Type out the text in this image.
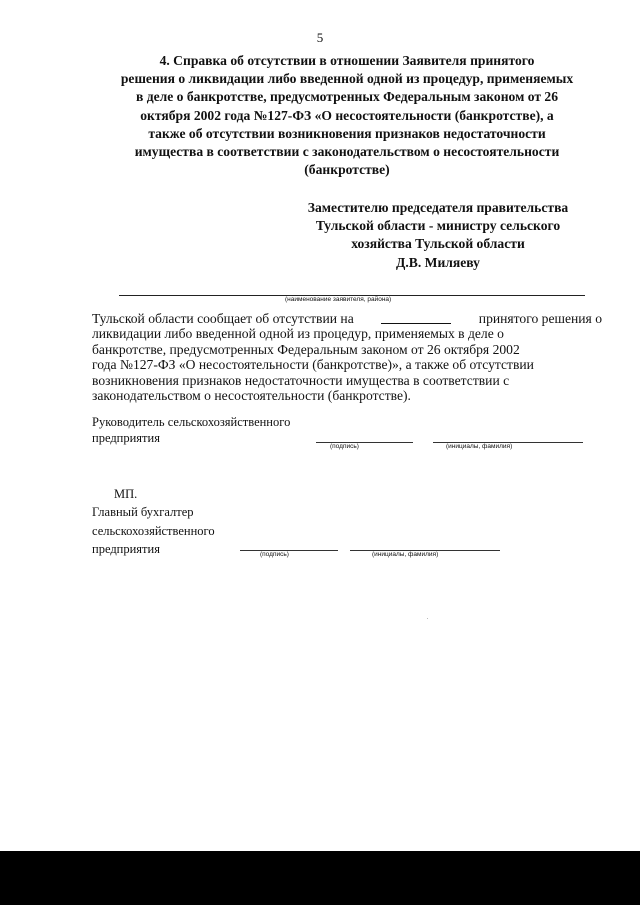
5
4. Справка об отсутствии в отношении Заявителя принятого
решения о ликвидации либо введенной одной из процедур, применяемых
в деле о банкротстве, предусмотренных Федеральным законом от 26
октября 2002 года №127-ФЗ «О несостоятельности (банкротстве), а
также об отсутствии возникновения признаков недостаточности
имущества в соответствии с законодательством о несостоятельности
(банкротстве)
Заместителю председателя правительства
Тульской области - министру сельского
хозяйства Тульской области
Д.В. Миляеву
(наименование заявителя, района)
Тульской области сообщает об отсутствии на	принятого решения о
ликвидации либо введенной одной из процедур, применяемых в деле о
банкротстве, предусмотренных Федеральным законом от 26 октября 2002
года №127-ФЗ «О несостоятельности (банкротстве)», а также об отсутствии
возникновения признаков недостаточности имущества в соответствии с
законодательством о несостоятельности (банкротстве).
Руководитель сельскохозяйственного
предприятия
(подпись)	(инициалы, фамилия)
МП.
Главный бухгалтер
сельскохозяйственного
предприятия	(подпись)	(инициалы, фамилия)
